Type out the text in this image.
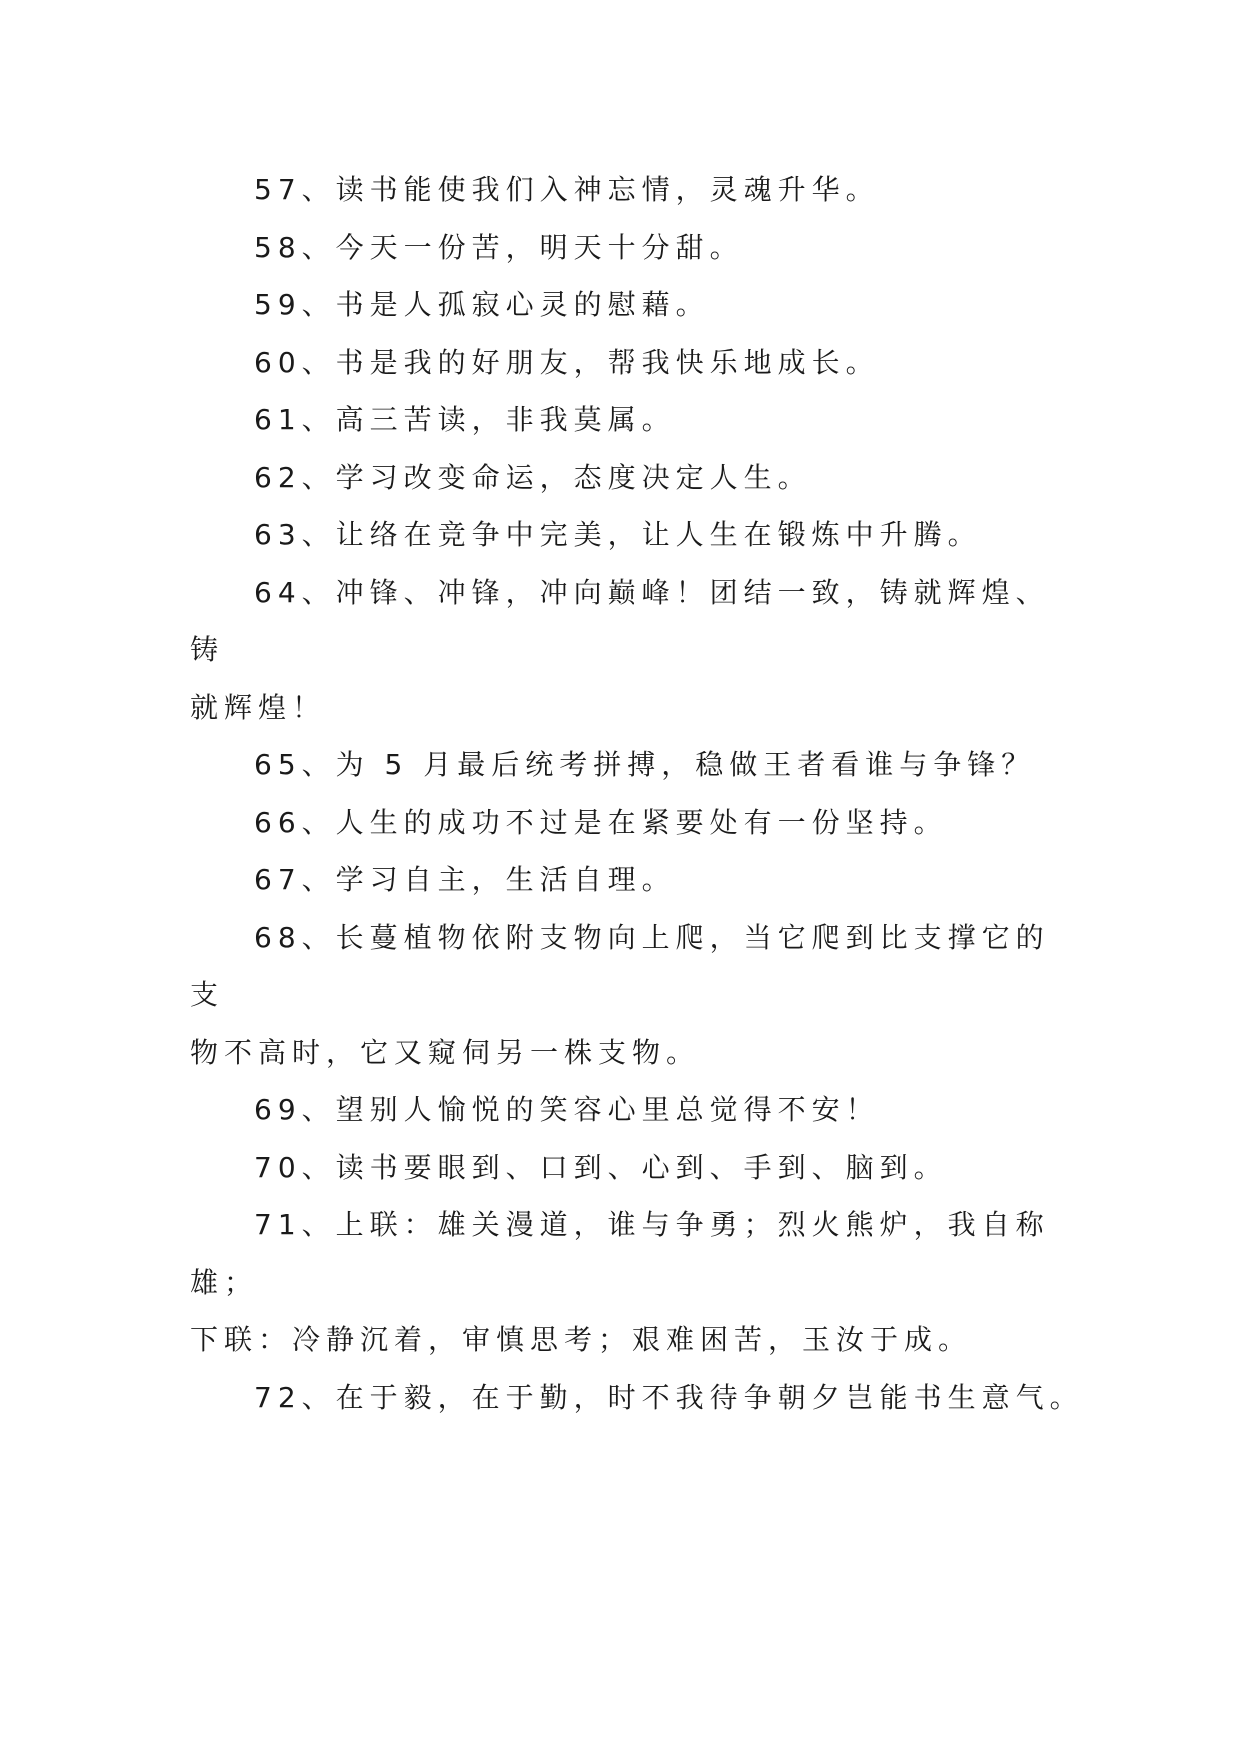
57、读书能使我们入神忘情，灵魂升华。

58、今天一份苦，明天十分甜。

59、书是人孤寂心灵的慰藉。

60、书是我的好朋友，帮我快乐地成长。

61、高三苦读，非我莫属。

62、学习改变命运，态度决定人生。

63、让络在竞争中完美，让人生在锻炼中升腾。

64、冲锋、冲锋，冲向巅峰！团结一致，铸就辉煌、铸
就辉煌！

65、为 5 月最后统考拼搏，稳做王者看谁与争锋？

66、人生的成功不过是在紧要处有一份坚持。

67、学习自主，生活自理。

68、长蔓植物依附支物向上爬，当它爬到比支撑它的支
物不高时，它又窥伺另一株支物。

69、望别人愉悦的笑容心里总觉得不安！

70、读书要眼到、口到、心到、手到、脑到。

71、上联：雄关漫道，谁与争勇；烈火熊炉，我自称雄；
下联：冷静沉着，审慎思考；艰难困苦，玉汝于成。

72、在于毅，在于勤，时不我待争朝夕岂能书生意气。
